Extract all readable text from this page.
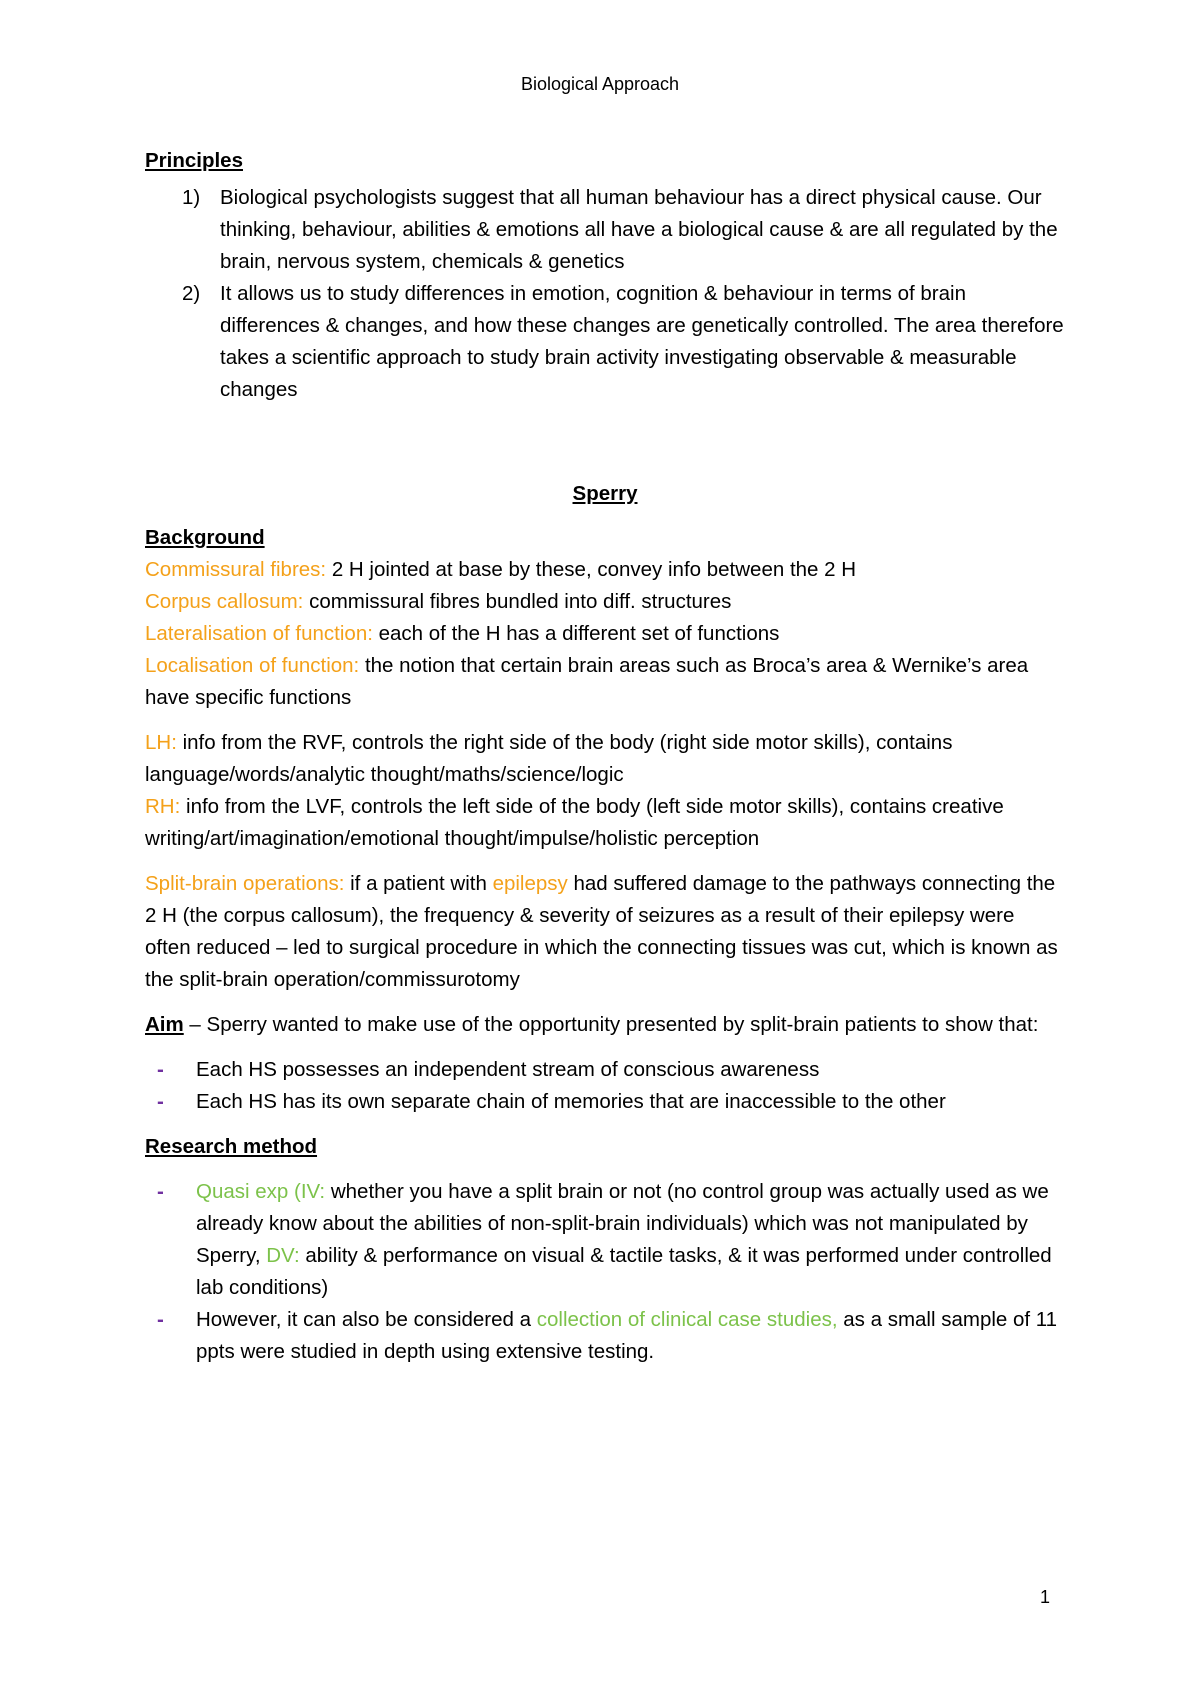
Biological Approach

Principles

1) Biological psychologists suggest that all human behaviour has a direct physical cause. Our thinking, behaviour, abilities & emotions all have a biological cause & are all regulated by the brain, nervous system, chemicals & genetics
2) It allows us to study differences in emotion, cognition & behaviour in terms of brain differences & changes, and how these changes are genetically controlled. The area therefore takes a scientific approach to study brain activity investigating observable & measurable changes

Sperry

Background

Commissural fibres: 2 H jointed at base by these, convey info between the 2 H

Corpus callosum: commissural fibres bundled into diff. structures

Lateralisation of function: each of the H has a different set of functions

Localisation of function: the notion that certain brain areas such as Broca’s area & Wernike’s area have specific functions

LH: info from the RVF, controls the right side of the body (right side motor skills), contains language/words/analytic thought/maths/science/logic

RH: info from the LVF, controls the left side of the body (left side motor skills), contains creative writing/art/imagination/emotional thought/impulse/holistic perception

Split-brain operations: if a patient with epilepsy had suffered damage to the pathways connecting the 2 H (the corpus callosum), the frequency & severity of seizures as a result of their epilepsy were often reduced – led to surgical procedure in which the connecting tissues was cut, which is known as the split-brain operation/commissurotomy

Aim – Sperry wanted to make use of the opportunity presented by split-brain patients to show that:

- Each HS possesses an independent stream of conscious awareness
- Each HS has its own separate chain of memories that are inaccessible to the other

Research method

- Quasi exp (IV: whether you have a split brain or not (no control group was actually used as we already know about the abilities of non-split-brain individuals) which was not manipulated by Sperry, DV: ability & performance on visual & tactile tasks, & it was performed under controlled lab conditions)
- However, it can also be considered a collection of clinical case studies, as a small sample of 11 ppts were studied in depth using extensive testing.
1
